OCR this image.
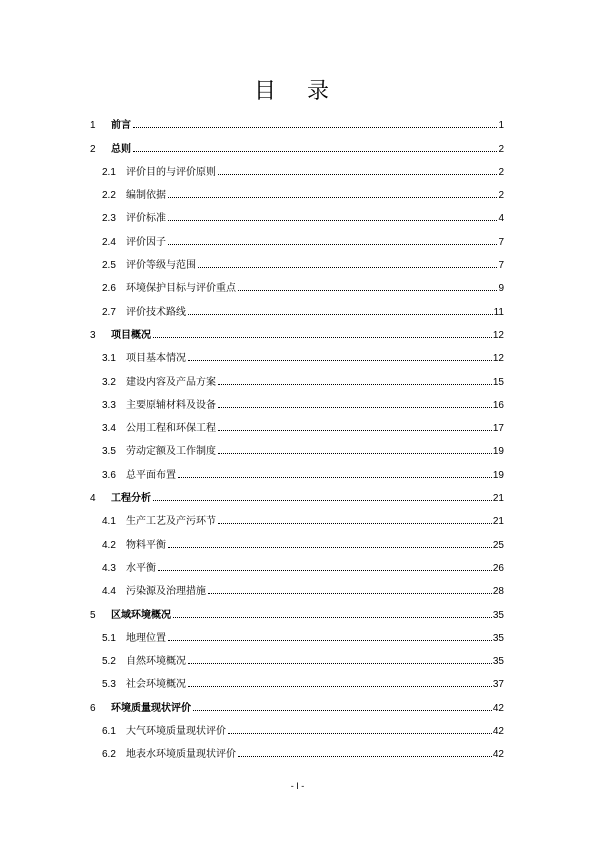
目 录
1	前言	1
2	总则	2
2.1	评价目的与评价原则	2
2.2	编制依据	2
2.3	评价标准	4
2.4	评价因子	7
2.5	评价等级与范围	7
2.6	环境保护目标与评价重点	9
2.7	评价技术路线	11
3	项目概况	12
3.1	项目基本情况	12
3.2	建设内容及产品方案	15
3.3	主要原辅材料及设备	16
3.4	公用工程和环保工程	17
3.5	劳动定额及工作制度	19
3.6	总平面布置	19
4	工程分析	21
4.1	生产工艺及产污环节	21
4.2	物料平衡	25
4.3	水平衡	26
4.4	污染源及治理措施	28
5	区域环境概况	35
5.1	地理位置	35
5.2	自然环境概况	35
5.3	社会环境概况	37
6	环境质量现状评价	42
6.1	大气环境质量现状评价	42
6.2	地表水环境质量现状评价	42
- I -
